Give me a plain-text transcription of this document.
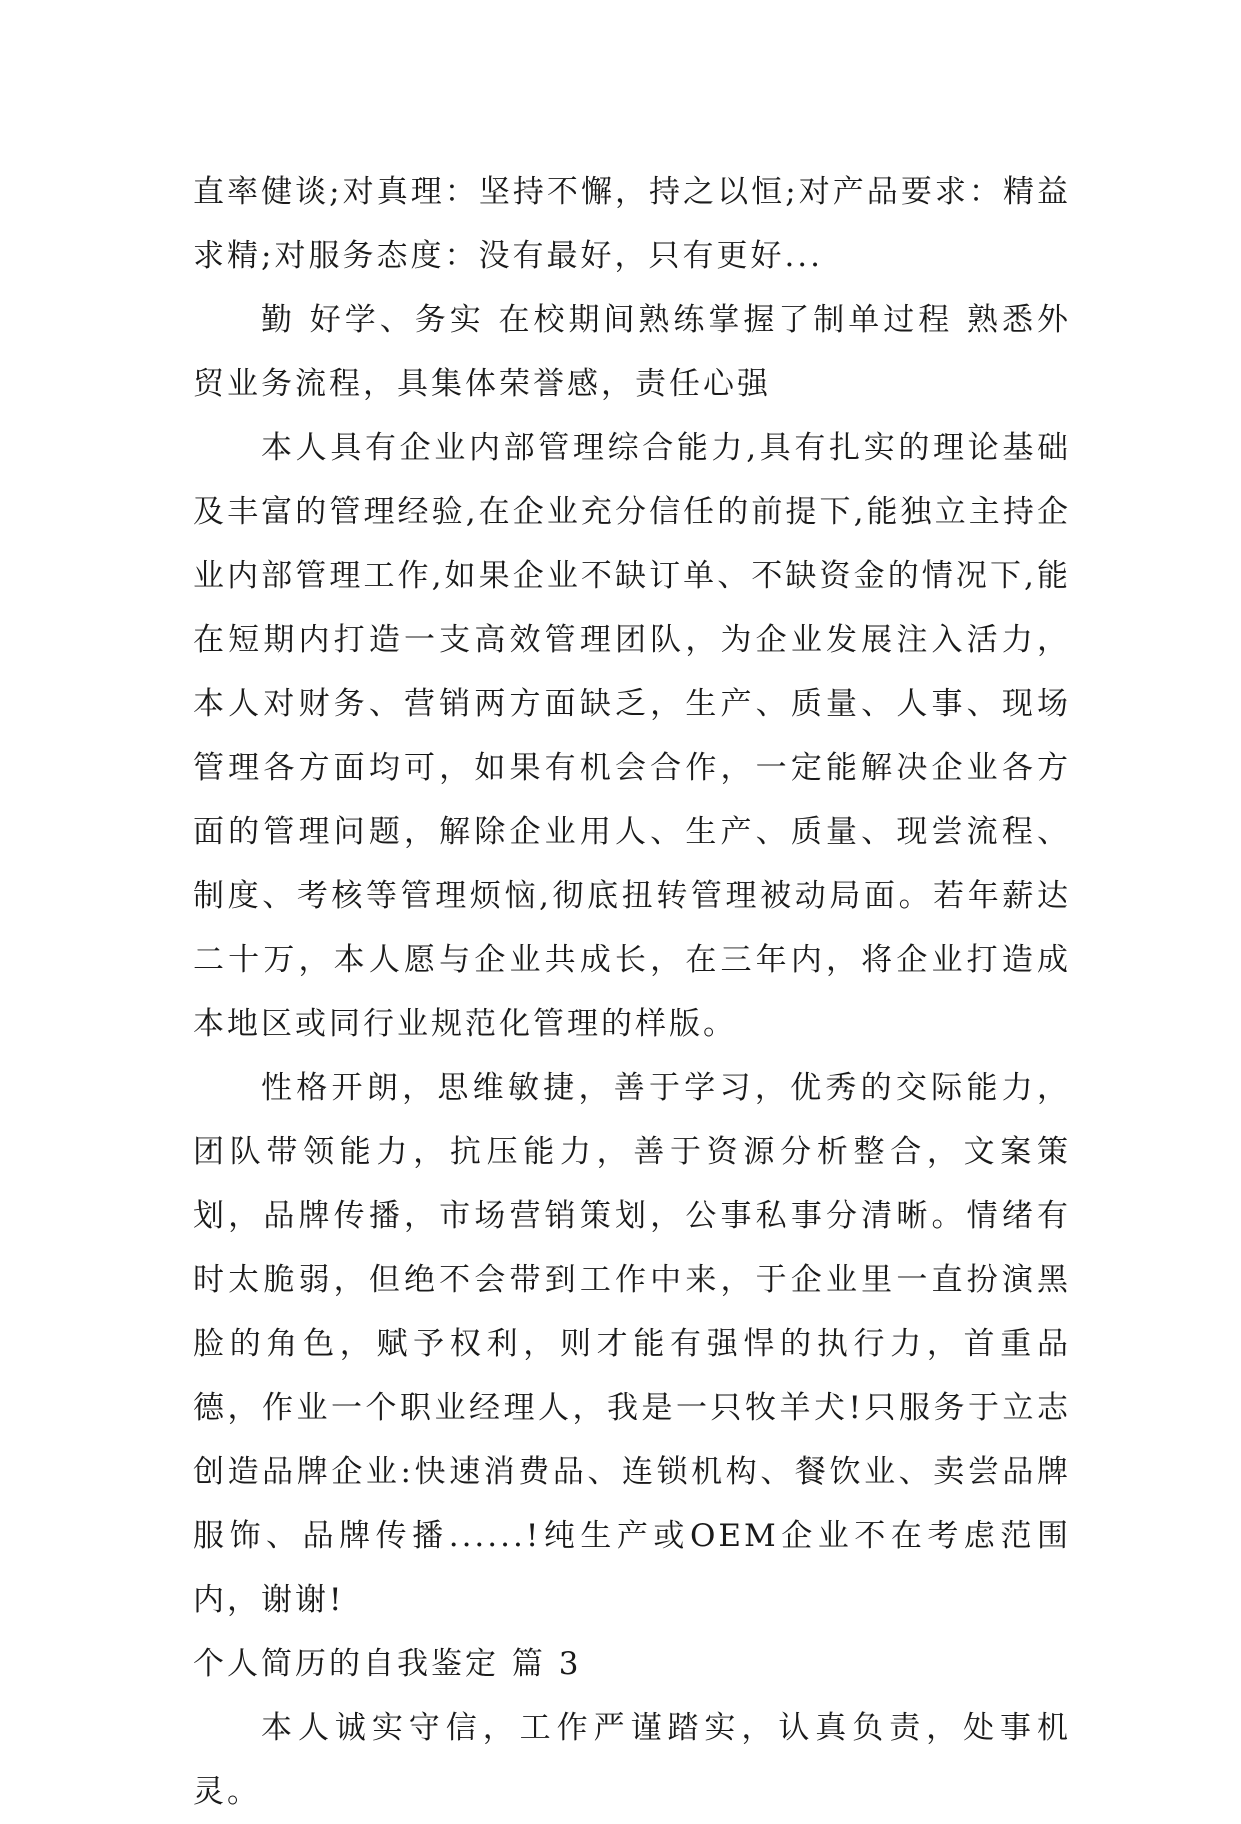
直率健谈;对真理：坚持不懈，持之以恒;对产品要求：精益求精;对服务态度：没有最好，只有更好...

勤 好学、务实 在校期间熟练掌握了制单过程 熟悉外贸业务流程，具集体荣誉感，责任心强

本人具有企业内部管理综合能力,具有扎实的理论基础及丰富的管理经验,在企业充分信任的前提下,能独立主持企业内部管理工作,如果企业不缺订单、不缺资金的情况下,能在短期内打造一支高效管理团队，为企业发展注入活力，本人对财务、营销两方面缺乏，生产、质量、人事、现场管理各方面均可，如果有机会合作，一定能解决企业各方面的管理问题，解除企业用人、生产、质量、现尝流程、制度、考核等管理烦恼,彻底扭转管理被动局面。若年薪达二十万，本人愿与企业共成长，在三年内，将企业打造成本地区或同行业规范化管理的样版。

性格开朗，思维敏捷，善于学习，优秀的交际能力，团队带领能力，抗压能力，善于资源分析整合，文案策划，品牌传播，市场营销策划，公事私事分清晰。情绪有时太脆弱，但绝不会带到工作中来，于企业里一直扮演黑脸的角色，赋予权利，则才能有强悍的执行力，首重品德，作业一个职业经理人，我是一只牧羊犬!只服务于立志创造品牌企业:快速消费品、连锁机构、餐饮业、卖尝品牌服饰、品牌传播......!纯生产或OEM企业不在考虑范围内，谢谢!

个人简历的自我鉴定 篇 3

本人诚实守信，工作严谨踏实，认真负责，处事机灵。
